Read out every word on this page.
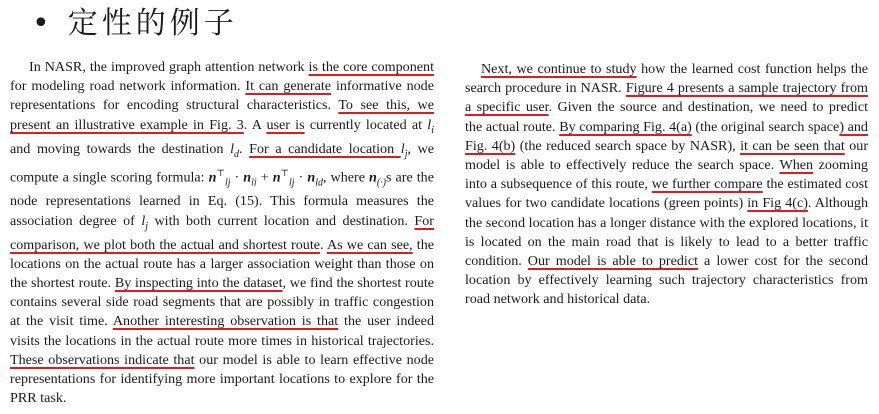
• 定性的例子

In NASR, the improved graph attention network is the core component for modeling road network information. It can generate informative node representations for encoding structural characteristics. To see this, we present an illustrative example in Fig. 3. A user is currently located at $l_i$ and moving towards the destination $l_d$. For a candidate location $l_j$, we compute a single scoring formula: $n^⊤_{lj} \cdot n_{li} + n^⊤_{lj} \cdot n_{ld}$, where $n_{(\cdot)}s$ are the node representations learned in Eq. (15). This formula measures the association degree of $l_j$ with both current location and destination. For comparison, we plot both the actual and shortest route. As we can see, the locations on the actual route has a larger association weight than those on the shortest route. By inspecting into the dataset, we find the shortest route contains several side road segments that are possibly in traffic congestion at the visit time. Another interesting observation is that the user indeed visits the locations in the actual route more times in historical trajectories. These observations indicate that our model is able to learn effective node representations for identifying more important locations to explore for the PRR task.

Next, we continue to study how the learned cost function helps the search procedure in NASR. Figure 4 presents a sample trajectory from a specific user. Given the source and destination, we need to predict the actual route. By comparing Fig. 4(a) (the original search space) and Fig. 4(b) (the reduced search space by NASR), it can be seen that our model is able to effectively reduce the search space. When zooming into a subsequence of this route, we further compare the estimated cost values for two candidate locations (green points) in Fig 4(c). Although the second location has a longer distance with the explored locations, it is located on the main road that is likely to lead to a better traffic condition. Our model is able to predict a lower cost for the second location by effectively learning such trajectory characteristics from road network and historical data.
